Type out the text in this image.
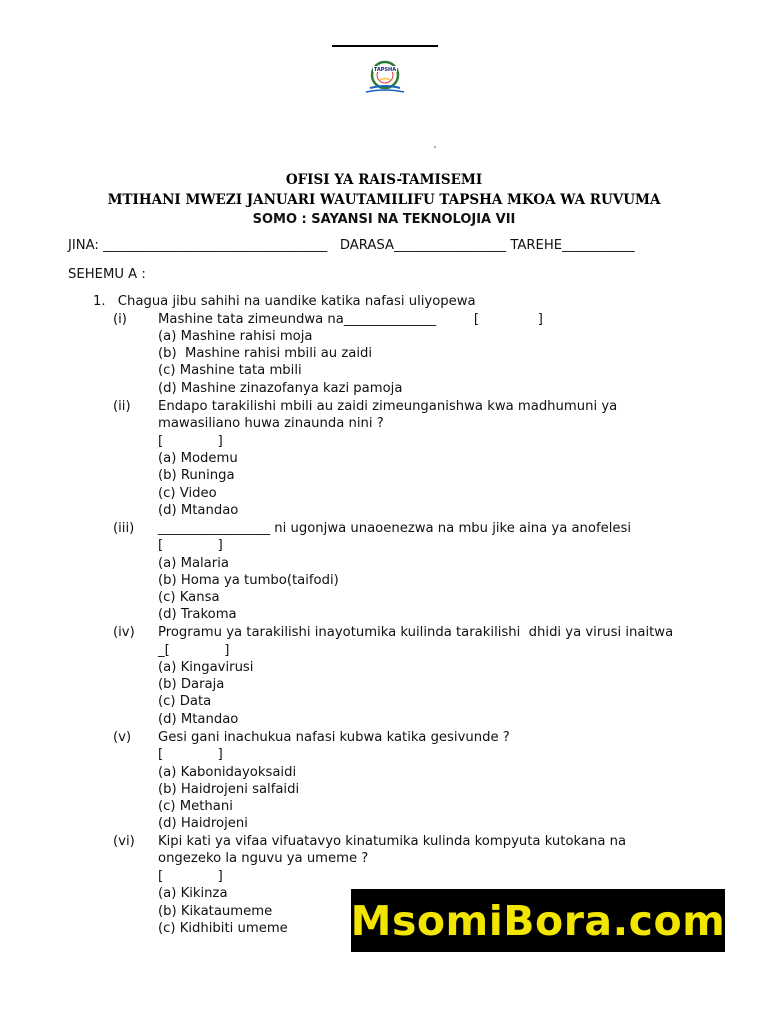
TAPSHA
OFISI YA RAIS-TAMISEMI
MTIHANI MWEZI JANUARI WAUTAMILIFU TAPSHA MKOA WA RUVUMA
SOMO : SAYANSI NA TEKNOLOJIA VII
JINA: __________________________________   DARASA_________________ TAREHE___________
SEHEMU A :
1. Chagua jibu sahihi na uandike katika nafasi uliyopewa
(i) Mashine tata zimeundwa na______________         [              ]
(a) Mashine rahisi moja
(b)  Mashine rahisi mbili au zaidi
(c) Mashine tata mbili
(d) Mashine zinazofanya kazi pamoja
(ii) Endapo tarakilishi mbili au zaidi zimeunganishwa kwa madhumuni ya
mawasiliano huwa zinaunda nini ?
[             ]
(a) Modemu
(b) Runinga
(c) Video
(d) Mtandao
(iii) _________________ ni ugonjwa unaoenezwa na mbu jike aina ya anofelesi
[             ]
(a) Malaria
(b) Homa ya tumbo(taifodi)
(c) Kansa
(d) Trakoma
(iv) Programu ya tarakilishi inayotumika kuilinda tarakilishi  dhidi ya virusi inaitwa
_[             ]
(a) Kingavirusi
(b) Daraja
(c) Data
(d) Mtandao
(v) Gesi gani inachukua nafasi kubwa katika gesivunde ?
[             ]
(a) Kabonidayoksaidi
(b) Haidrojeni salfaidi
(c) Methani
(d) Haidrojeni
(vi) Kipi kati ya vifaa vifuatavyo kinatumika kulinda kompyuta kutokana na
ongezeko la nguvu ya umeme ?
[             ]
(a) Kikinza
(b) Kikataumeme
(c) Kidhibiti umeme MsomiBora.com
